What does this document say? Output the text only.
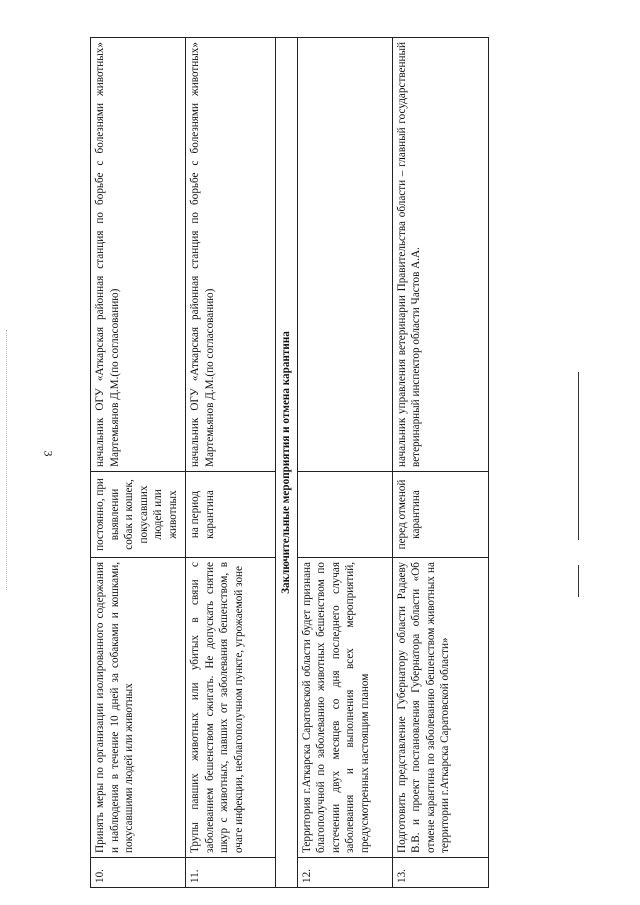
3
10.	Принять меры по организации изолированного содержания и наблюдения в течение 10 дней за собаками и кошками, покусавшими людей или животных	постоянно, при выявлении собак и кошек, покусавших людей или животных	начальник ОГУ «Аткарская районная станция по борьбе с болезнями животных» Мартемьянов Д.М.(по согласованию)
11.	Трупы павших животных или убитых в связи с заболеванием бешенством сжигать. Не допускать снятие шкур с животных, павших от заболевания бешенством, в очаге инфекции, неблагополучном пункте, угрожаемой зоне	на период карантина	начальник ОГУ «Аткарская районная станция по борьбе с болезнями животных» Мартемьянов Д.М.(по согласованию)
Заключительные мероприятия и отмена карантина			
12.	Территория г.Аткарска Саратовской области будет признана благополучной по заболеванию животных бешенством по истечении двух месяцев со дня последнего случая заболевания и выполнения всех мероприятий, предусмотренных настоящим планом		
13.	Подготовить представление Губернатору области Радаеву В.В. и проект постановления Губернатора области «Об отмене карантина по заболеванию бешенством животных на территории г.Аткарска Саратовской области»	перед отменой карантина	начальник управления ветеринарии Правительства области – главный государственный ветеринарный инспектор области Частов А.А.
